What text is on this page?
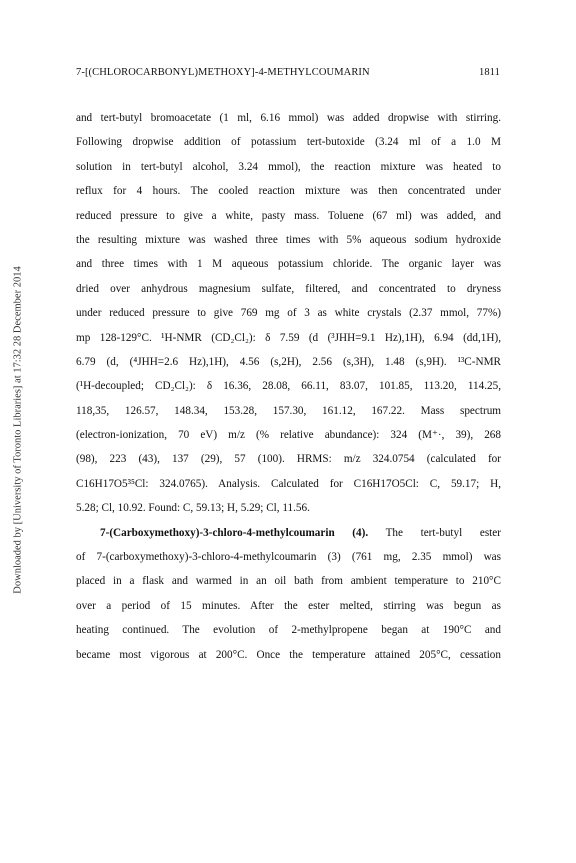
7-[(CHLOROCARBONYL)METHOXY]-4-METHYLCOUMARIN	1811
Downloaded by [University of Toronto Libraries] at 17:32 28 December 2014
and tert-butyl bromoacetate (1 ml, 6.16 mmol) was added dropwise with stirring.
Following dropwise addition of potassium tert-butoxide (3.24 ml of a 1.0 M
solution in tert-butyl alcohol, 3.24 mmol), the reaction mixture was heated to
reflux for 4 hours. The cooled reaction mixture was then concentrated under
reduced pressure to give a white, pasty mass. Toluene (67 ml) was added, and
the resulting mixture was washed three times with 5% aqueous sodium hydroxide
and three times with 1 M aqueous potassium chloride. The organic layer was
dried over anhydrous magnesium sulfate, filtered, and concentrated to dryness
under reduced pressure to give 769 mg of 3 as white crystals (2.37 mmol, 77%)
mp 128-129°C. ¹H-NMR (CD₂Cl₂): δ 7.59 (d (³JHH=9.1 Hz),1H), 6.94 (dd,1H),
6.79 (d, (⁴JHH=2.6 Hz),1H), 4.56 (s,2H), 2.56 (s,3H), 1.48 (s,9H). ¹³C-NMR
(¹H-decoupled; CD₂Cl₂): δ 16.36, 28.08, 66.11, 83.07, 101.85, 113.20, 114.25,
118,35, 126.57, 148.34, 153.28, 157.30, 161.12, 167.22. Mass spectrum
(electron-ionization, 70 eV) m/z (% relative abundance): 324 (M⁺·, 39), 268
(98), 223 (43), 137 (29), 57 (100). HRMS: m/z 324.0754 (calculated for
C16H17O5³⁵Cl: 324.0765). Analysis. Calculated for C16H17O5Cl: C, 59.17; H,
5.28; Cl, 10.92. Found: C, 59.13; H, 5.29; Cl, 11.56.
7-(Carboxymethoxy)-3-chloro-4-methylcoumarin (4). The tert-butyl ester
of 7-(carboxymethoxy)-3-chloro-4-methylcoumarin (3) (761 mg, 2.35 mmol) was
placed in a flask and warmed in an oil bath from ambient temperature to 210°C
over a period of 15 minutes. After the ester melted, stirring was begun as
heating continued. The evolution of 2-methylpropene began at 190°C and
became most vigorous at 200°C. Once the temperature attained 205°C, cessation
